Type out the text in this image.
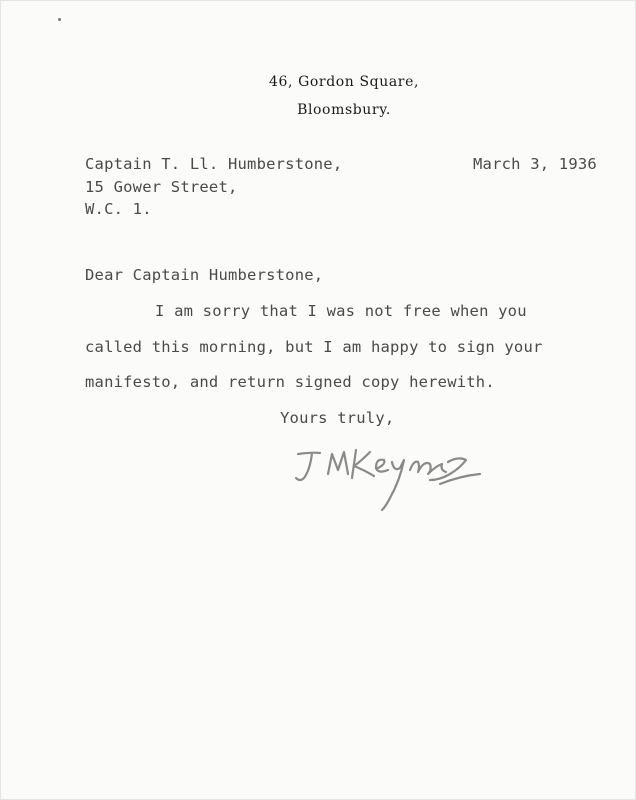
46, Gordon Square,
Bloomsbury.
Captain T. Ll. Humberstone,
15 Gower Street,
W.C. 1.
March 3, 1936
Dear Captain Humberstone,
I am sorry that I was not free when you
called this morning, but I am happy to sign your
manifesto, and return signed copy herewith.
Yours truly,
